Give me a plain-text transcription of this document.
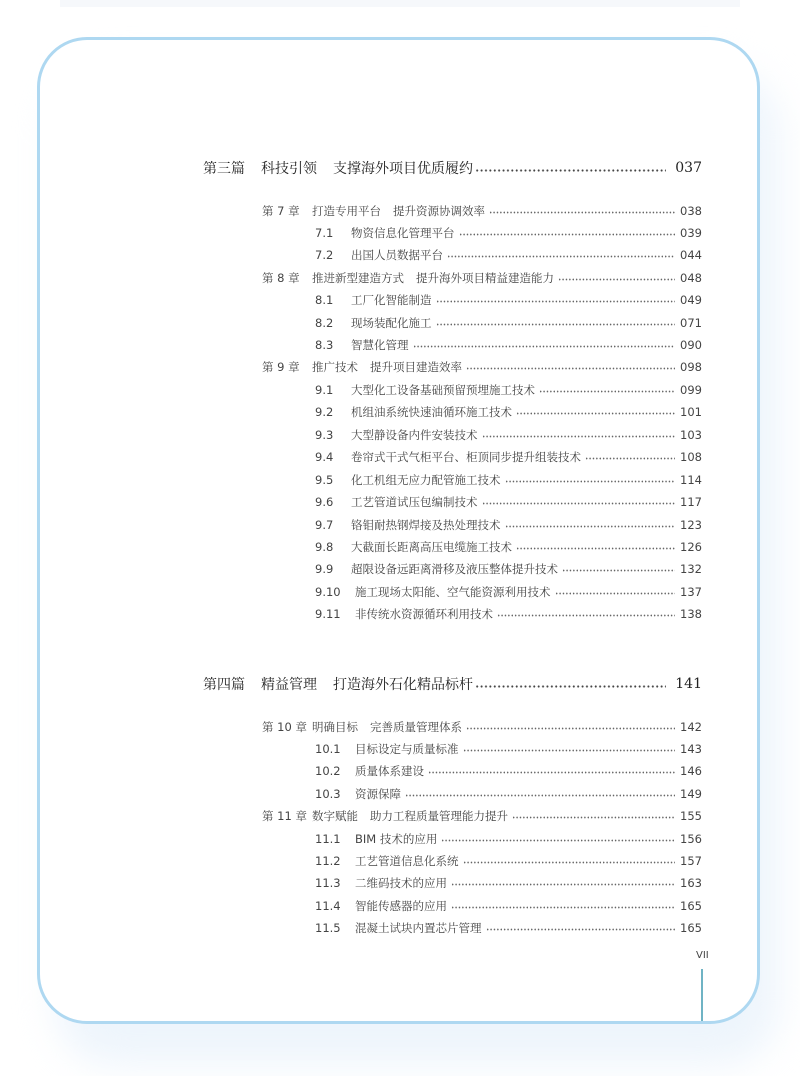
第三篇 科技引领 支撑海外项目优质履约	037
第 7 章	打造专用平台 提升资源协调效率	038
7.1	物资信息化管理平台	039
7.2	出国人员数据平台	044
第 8 章	推进新型建造方式 提升海外项目精益建造能力	048
8.1	工厂化智能制造	049
8.2	现场装配化施工	071
8.3	智慧化管理	090
第 9 章	推广技术 提升项目建造效率	098
9.1	大型化工设备基础预留预埋施工技术	099
9.2	机组油系统快速油循环施工技术	101
9.3	大型静设备内件安装技术	103
9.4	卷帘式干式气柜平台、柜顶同步提升组装技术	108
9.5	化工机组无应力配管施工技术	114
9.6	工艺管道试压包编制技术	117
9.7	铬钼耐热钢焊接及热处理技术	123
9.8	大截面长距离高压电缆施工技术	126
9.9	超限设备远距离滑移及液压整体提升技术	132
9.10	施工现场太阳能、空气能资源利用技术	137
9.11	非传统水资源循环利用技术	138
第四篇 精益管理 打造海外石化精品标杆	141
第 10 章 明确目标 完善质量管理体系	142
10.1	目标设定与质量标准	143
10.2	质量体系建设	146
10.3	资源保障	149
第 11 章 数字赋能 助力工程质量管理能力提升	155
11.1	BIM 技术的应用	156
11.2	工艺管道信息化系统	157
11.3	二维码技术的应用	163
11.4	智能传感器的应用	165
11.5	混凝土试块内置芯片管理	165
VII
